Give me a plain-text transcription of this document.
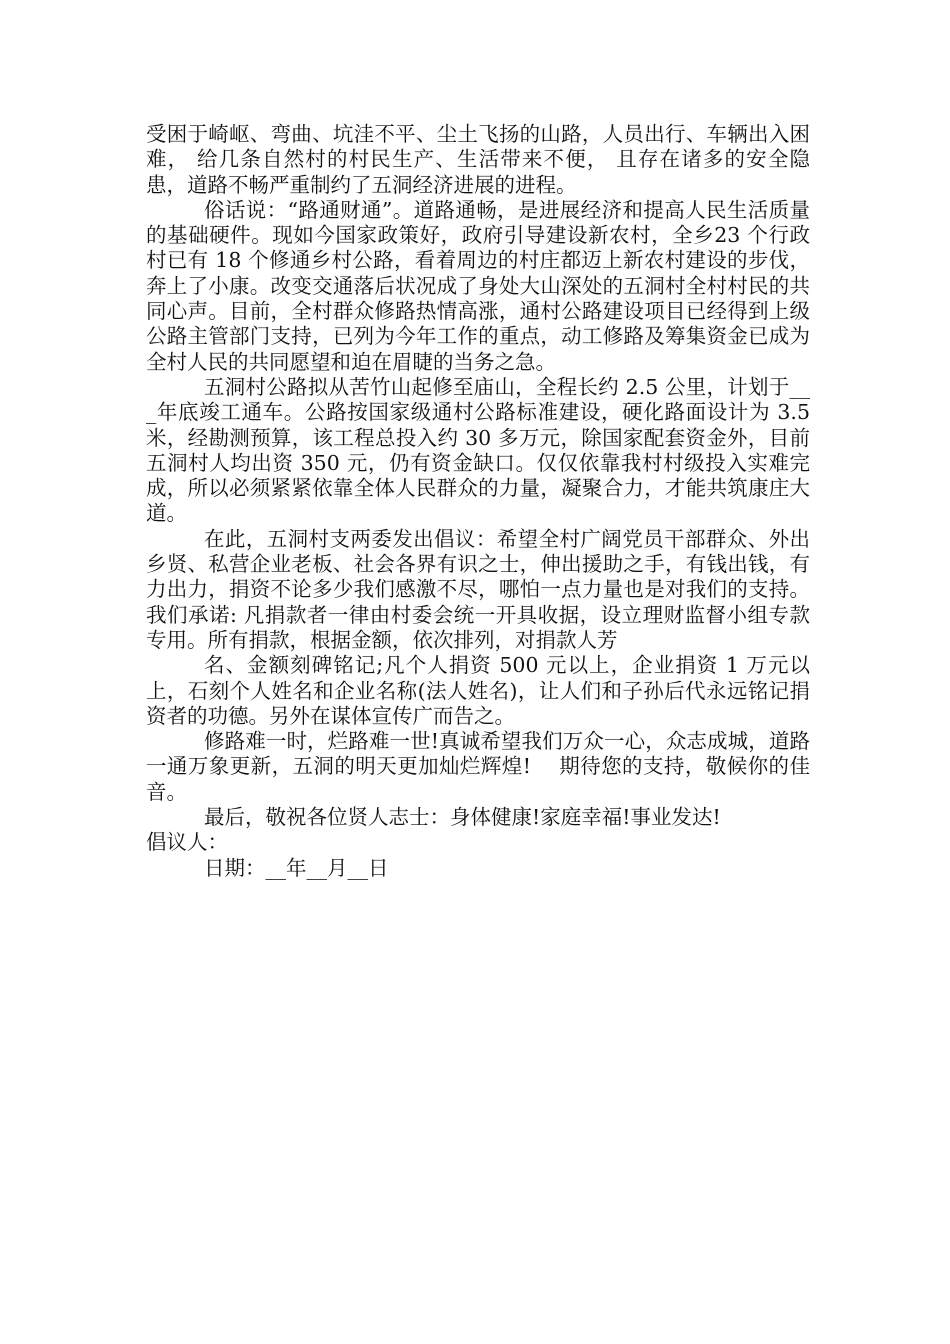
受困于崎岖、弯曲、坑洼不平、尘土飞扬的山路，人员出行、车辆出入困难， 给几条自然村的村民生产、生活带来不便， 且存在诸多的安全隐患，道路不畅严重制约了五洞经济进展的进程。

俗话说：“路通财通”。道路通畅，是进展经济和提高人民生活质量的基础硬件。现如今国家政策好，政府引导建设新农村，全乡23 个行政村已有 18 个修通乡村公路，看着周边的村庄都迈上新农村建设的步伐，奔上了小康。改变交通落后状况成了身处大山深处的五洞村全村村民的共同心声。目前，全村群众修路热情高涨，通村公路建设项目已经得到上级公路主管部门支持，已列为今年工作的重点，动工修路及筹集资金已成为全村人民的共同愿望和迫在眉睫的当务之急。

五洞村公路拟从苦竹山起修至庙山，全程长约 2.5 公里，计划于___年底竣工通车。公路按国家级通村公路标准建设，硬化路面设计为 3.5 米，经勘测预算，该工程总投入约 30 多万元，除国家配套资金外，目前五洞村人均出资 350 元，仍有资金缺口。仅仅依靠我村村级投入实难完成，所以必须紧紧依靠全体人民群众的力量，凝聚合力，才能共筑康庄大道。

在此，五洞村支两委发出倡议：希望全村广阔党员干部群众、外出乡贤、私营企业老板、社会各界有识之士，伸出援助之手，有钱出钱，有力出力，捐资不论多少我们感激不尽，哪怕一点力量也是对我们的支持。我们承诺: 凡捐款者一律由村委会统一开具收据，设立理财监督小组专款专用。所有捐款，根据金额，依次排列，对捐款人芳

名、金额刻碑铭记;凡个人捐资 500 元以上，企业捐资 1 万元以上，石刻个人姓名和企业名称(法人姓名)，让人们和子孙后代永远铭记捐资者的功德。另外在谋体宣传广而告之。

修路难一时，烂路难一世!真诚希望我们万众一心，众志成城，道路一通万象更新，五洞的明天更加灿烂辉煌!　 期待您的支持，敬候你的佳音。

最后，敬祝各位贤人志士：身体健康!家庭幸福!事业发达!

倡议人：

日期：__年__月__日
